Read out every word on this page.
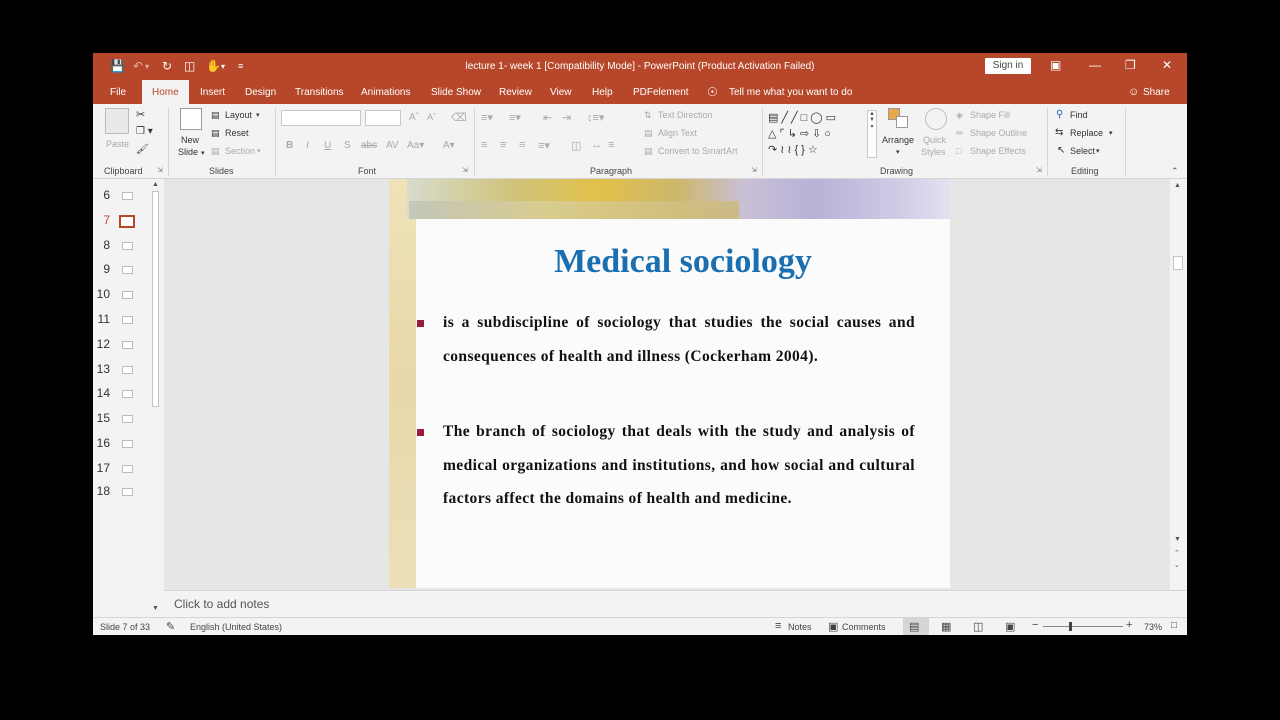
💾 ↶ ▾ ↻ ◫ ✋ ▾ ≡	lecture 1- week 1 [Compatibility Mode] - PowerPoint (Product Activation Failed)	Sign in	▣ — ❐ ✕
File	Home	Insert Design Transitions Animations Slide Show Review View Help PDFelement ☉ Tell me what you want to do	☺ Share
Paste
✂
❐ ▾
🖌
Clipboard ⇲
New
Slide ▾
▤ Layout ▾
▤ Reset
▤ Section ▾
Slides
Aˆ Aˇ ⌫
B I U S abc AV Aa▾ A▾
Font	⇲
≡▾ ≡▾ ⇤ ⇥ ↕≡▾
≡ ≡ ≡ ≡▾ ◫ ↔ ≡
⇅ Text Direction
▤ Align Text
▤ Convert to SmartArt
Paragraph	⇲
▤╱╱□◯▭
△⌜↳⇨⇩○
↷≀≀{}☆
▲
▼
▾
Arrange
▾
Quick
Styles
◈ Shape Fill
✏ Shape Outline
□ Shape Effects
Drawing	⇲
⚲ Find
⇆ Replace ▾
↖ Select ▾
Editing	⌃
6
7
8
9
10
11
12
13
14
15
16
17
18
▲
▼
Medical sociology
is a subdiscipline of sociology that studies the social causes and consequences of health and illness (Cockerham 2004).
The branch of sociology that deals with the study and analysis of medical organizations and institutions, and how social and cultural factors affect the domains of health and medicine.
▲
▼
⌃
⌄
Click to add notes
Slide 7 of 33 ✎ English (United States)	≡ Notes ▣ Comments ▤ ▦ ◫ ▣ −	+ 73% □
